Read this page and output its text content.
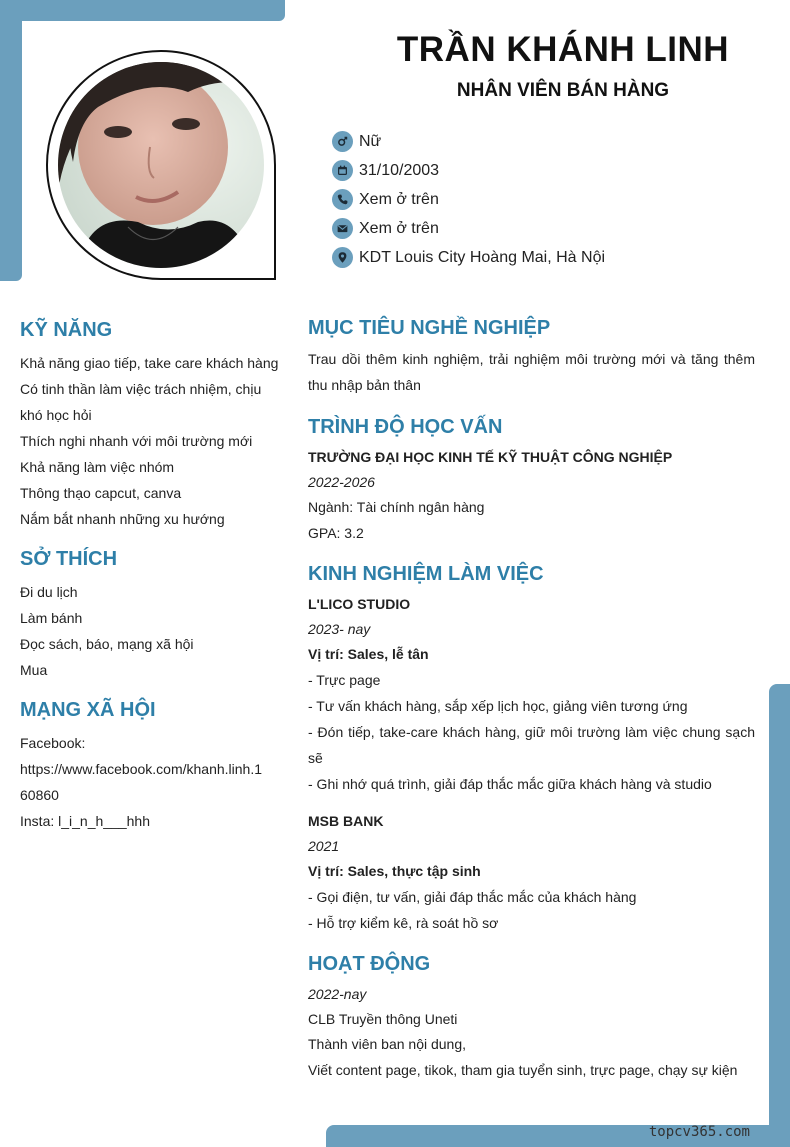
TRẦN KHÁNH LINH
NHÂN VIÊN BÁN HÀNG
Nữ
31/10/2003
Xem ở trên
Xem ở trên
KDT Louis City Hoàng Mai, Hà Nội
KỸ NĂNG
Khả năng giao tiếp, take care khách hàng
Có tinh thần làm việc trách nhiệm, chịu
khó học hỏi
Thích nghi nhanh với môi trường mới
Khả năng làm việc nhóm
Thông thạo capcut, canva
Nắm bắt nhanh những xu hướng
SỞ THÍCH
Đi du lịch
Làm bánh
Đọc sách, báo, mạng xã hội
Mua
MẠNG XÃ HỘI
Facebook:
https://www.facebook.com/khanh.linh.1
60860
Insta: l_i_n_h___hhh
MỤC TIÊU NGHỀ NGHIỆP
Trau dồi thêm kinh nghiệm, trải nghiệm môi trường mới và tăng thêm thu nhập bản thân
TRÌNH ĐỘ HỌC VẤN
TRƯỜNG ĐẠI HỌC KINH TẾ KỸ THUẬT CÔNG NGHIỆP
2022-2026
Ngành: Tài chính ngân hàng
GPA: 3.2
KINH NGHIỆM LÀM VIỆC
L'LICO STUDIO
2023- nay
Vị trí: Sales, lễ tân
- Trực page
- Tư vấn khách hàng, sắp xếp lịch học, giảng viên tương ứng
- Đón tiếp, take-care khách hàng, giữ môi trường làm việc chung sạch sẽ
- Ghi nhớ quá trình, giải đáp thắc mắc giữa khách hàng và studio
MSB BANK
2021
Vị trí: Sales, thực tập sinh
- Gọi điện, tư vấn, giải đáp thắc mắc của khách hàng
- Hỗ trợ kiểm kê, rà soát hồ sơ
HOẠT ĐỘNG
2022-nay
CLB Truyền thông Uneti
Thành viên ban nội dung,
Viết content page, tikok, tham gia tuyển sinh, trực page, chạy sự kiện
topcv365.com
